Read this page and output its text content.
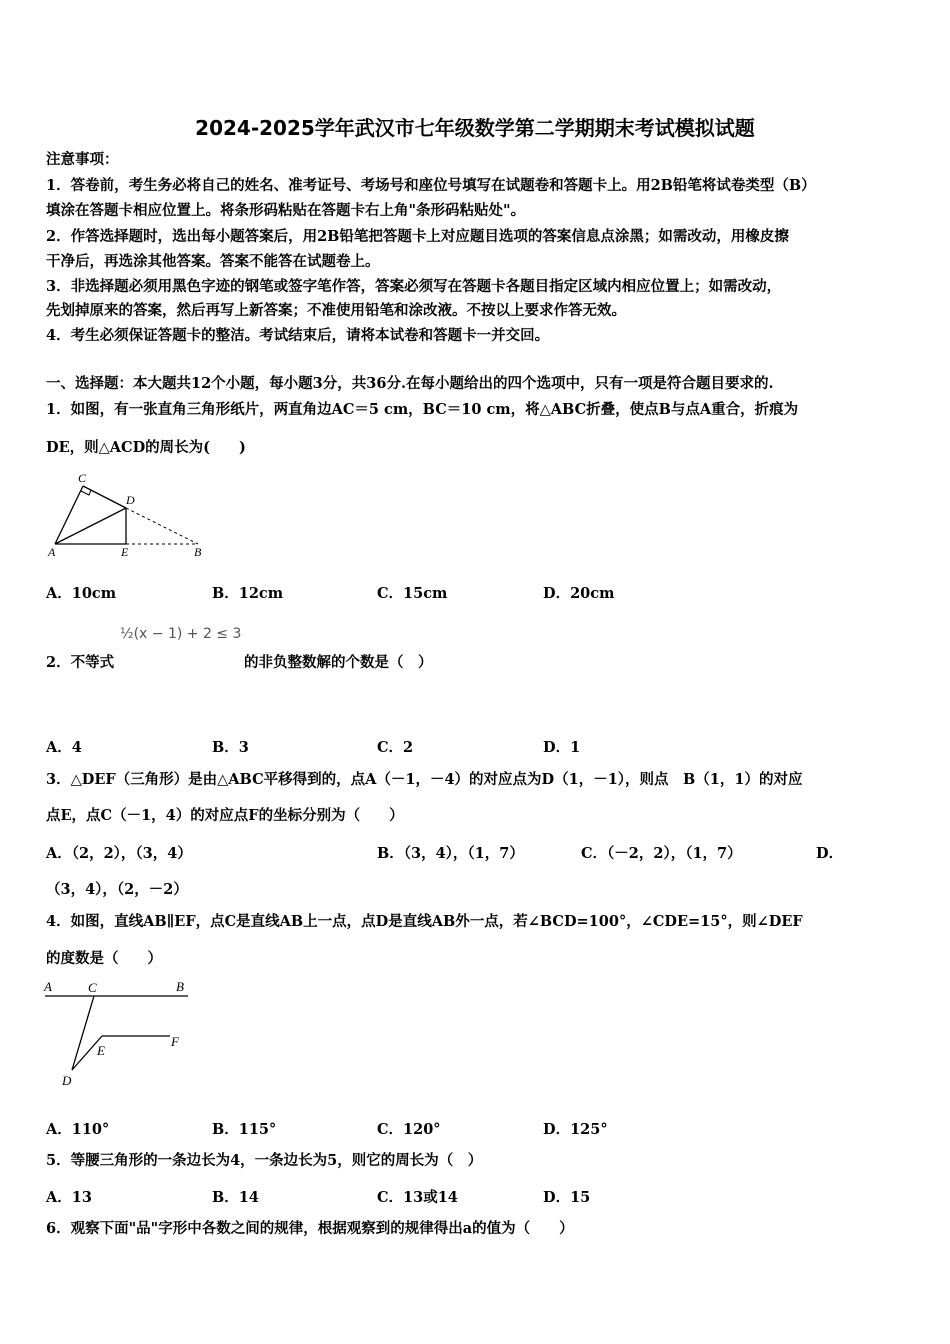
2024-2025学年武汉市七年级数学第二学期期末考试模拟试题
注意事项：
1．答卷前，考生务必将自己的姓名、准考证号、考场号和座位号填写在试题卷和答题卡上。用2B铅笔将试卷类型（B）
填涂在答题卡相应位置上。将条形码粘贴在答题卡右上角"条形码粘贴处"。
2．作答选择题时，选出每小题答案后，用2B铅笔把答题卡上对应题目选项的答案信息点涂黑；如需改动，用橡皮擦
干净后，再选涂其他答案。答案不能答在试题卷上。
3．非选择题必须用黑色字迹的钢笔或签字笔作答，答案必须写在答题卡各题目指定区域内相应位置上；如需改动，
先划掉原来的答案，然后再写上新答案；不准使用铅笔和涂改液。不按以上要求作答无效。
4．考生必须保证答题卡的整洁。考试结束后，请将本试卷和答题卡一并交回。
一、选择题：本大题共12个小题，每小题3分，共36分.在每小题给出的四个选项中，只有一项是符合题目要求的.
1．如图，有一张直角三角形纸片，两直角边AC＝5 cm，BC＝10 cm，将△ABC折叠，使点B与点A重合，折痕为
DE，则△ACD的周长为(　　)
C
D
A	E	B
A．10cm	B．12cm	C．15cm	D．20cm
½(x − 1) + 2 ≤ 3
2．不等式	的非负整数解的个数是（　）
A．4	B．3	C．2	D．1
3．△DEF（三角形）是由△ABC平移得到的，点A（－1，－4）的对应点为D（1，－1），则点　B（1，1）的对应
点E，点C（－1，4）的对应点F的坐标分别为（　　）
A．（2，2），（3，4）	B．（3，4），（1，7）	C．（－2，2），（1，7）	D．
（3，4），（2，－2）
4．如图，直线AB∥EF，点C是直线AB上一点，点D是直线AB外一点，若∠BCD=100°，∠CDE=15°，则∠DEF
的度数是（　　）
A	C	B
E
F
D
A．110°	B．115°	C．120°	D．125°
5．等腰三角形的一条边长为4，一条边长为5，则它的周长为（　）
A．13	B．14	C．13或14	D．15
6．观察下面"品"字形中各数之间的规律，根据观察到的规律得出a的值为（　　）
